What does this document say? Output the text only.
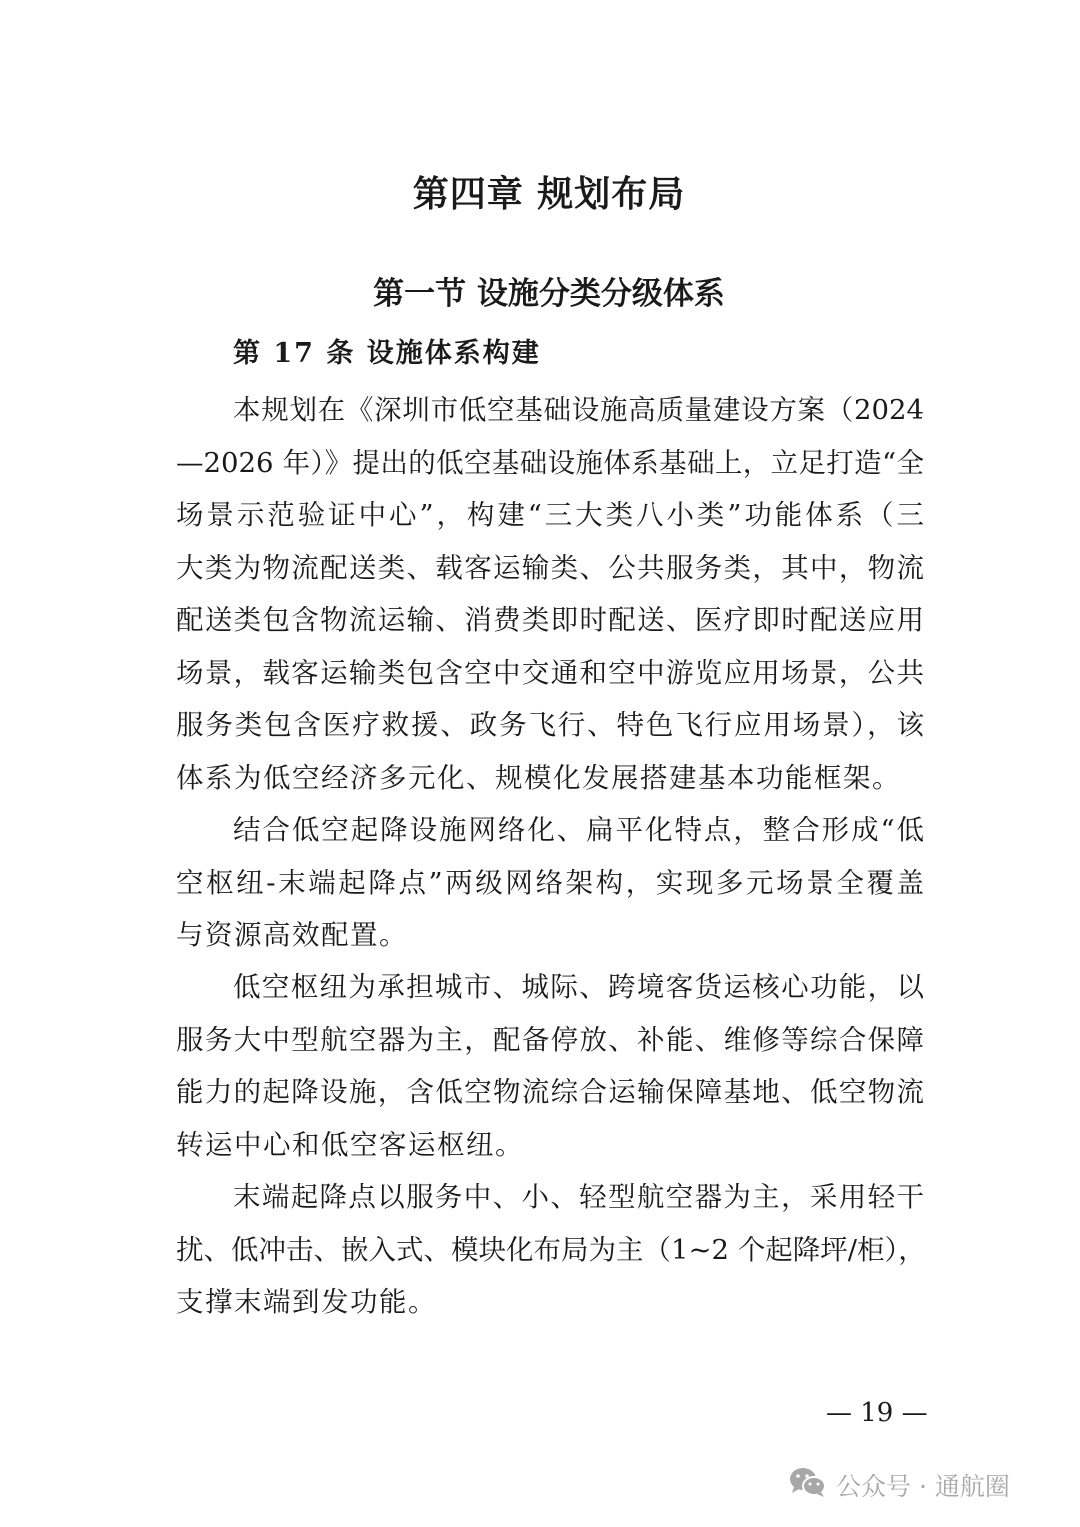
第四章 规划布局
第一节 设施分类分级体系
第 17 条 设施体系构建
本规划在《深圳市低空基础设施高质量建设方案（2024
—2026 年）》提出的低空基础设施体系基础上，立足打造“全
场景示范验证中心”，构建“三大类八小类”功能体系（三
大类为物流配送类、载客运输类、公共服务类，其中，物流
配送类包含物流运输、消费类即时配送、医疗即时配送应用
场景，载客运输类包含空中交通和空中游览应用场景，公共
服务类包含医疗救援、政务飞行、特色飞行应用场景），该
体系为低空经济多元化、规模化发展搭建基本功能框架。
结合低空起降设施网络化、扁平化特点，整合形成“低
空枢纽-末端起降点”两级网络架构，实现多元场景全覆盖
与资源高效配置。
低空枢纽为承担城市、城际、跨境客货运核心功能，以
服务大中型航空器为主，配备停放、补能、维修等综合保障
能力的起降设施，含低空物流综合运输保障基地、低空物流
转运中心和低空客运枢纽。
末端起降点以服务中、小、轻型航空器为主，采用轻干
扰、低冲击、嵌入式、模块化布局为主（1~2 个起降坪/柜），
支撑末端到发功能。
— 19 —
公众号 · 通航圈
